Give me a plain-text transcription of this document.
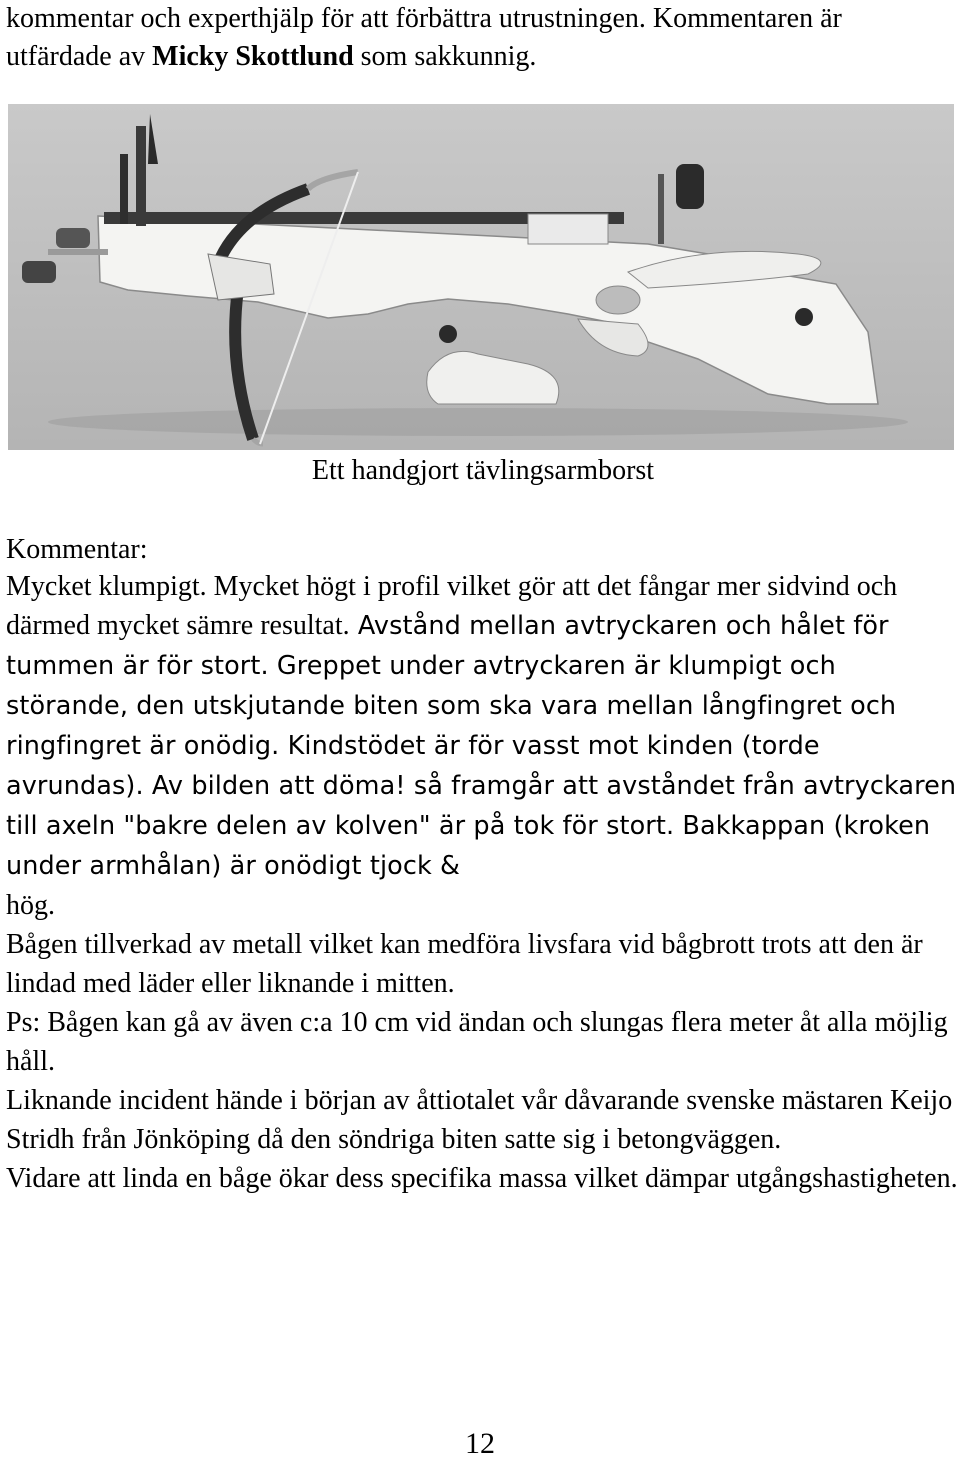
kommentar och experthjälp för att förbättra utrustningen. Kommentaren är
utfärdade av Micky Skottlund som sakkunnig.
Ett handgjort tävlingsarmborst
Kommentar:

Mycket klumpigt. Mycket högt i profil vilket gör att det fångar mer sidvind och därmed mycket sämre resultat. Avstånd mellan avtryckaren och hålet för tummen är för stort. Greppet under avtryckaren är klumpigt och störande, den utskjutande biten som ska vara mellan långfingret och ringfingret är onödig. Kindstödet är för vasst mot kinden (torde avrundas). Av bilden att döma! så framgår att avståndet från avtryckaren till axeln "bakre delen av kolven" är på tok för stort. Bakkappan (kroken under armhålan) är onödigt tjock &
hög.

Bågen tillverkad av metall vilket kan medföra livsfara vid bågbrott trots att den är lindad med läder eller liknande i mitten.

Ps: Bågen kan gå av även c:a 10 cm vid ändan och slungas flera meter åt alla möjlig håll.

Liknande incident hände i början av åttiotalet vår dåvarande svenske mästaren Keijo Stridh från Jönköping då den söndriga biten satte sig i betongväggen.

Vidare att linda en båge ökar dess specifika massa vilket dämpar utgångshastigheten.

12
